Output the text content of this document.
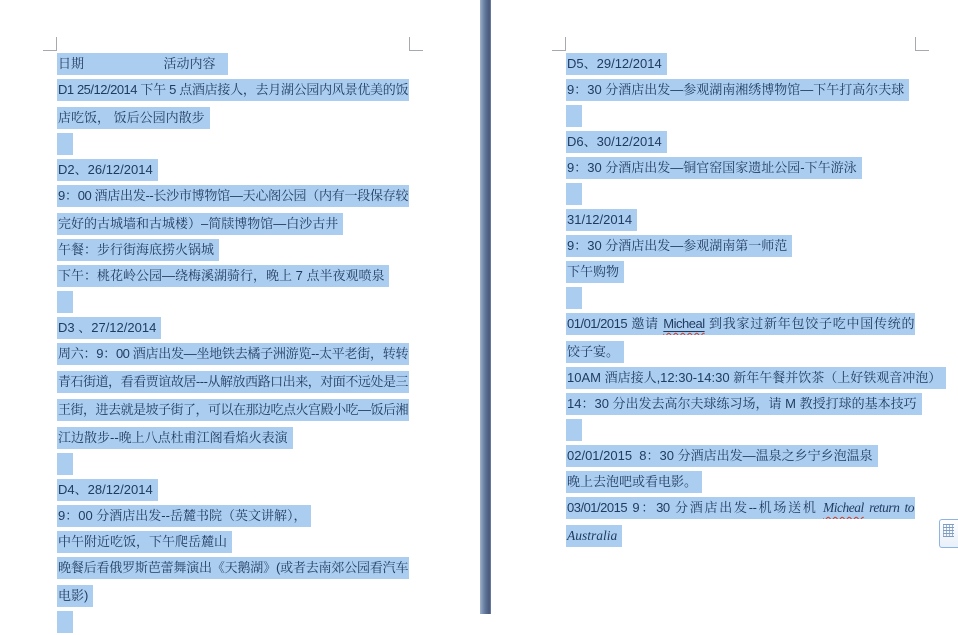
日期                      活动内容
D1 25/12/2014 下午 5 点酒店接人，去月湖公园内风景优美的饭
店吃饭， 饭后公园内散步
D2、26/12/2014
9：00 酒店出发--长沙市博物馆—天心阁公园（内有一段保存较
完好的古城墙和古城楼）–简牍博物馆—白沙古井
午餐：步行街海底捞火锅城
下午：桃花岭公园—绕梅溪湖骑行，晚上 7 点半夜观喷泉
D3 、27/12/2014
周六：9：00 酒店出发—坐地铁去橘子洲游览--太平老街，转转
青石街道，看看贾谊故居---从解放西路口出来，对面不远处是三
王街，进去就是坡子街了，可以在那边吃点火宫殿小吃—饭后湘
江边散步--晚上八点杜甫江阁看焰火表演
D4、28/12/2014
9：00 分酒店出发--岳麓书院（英文讲解），
中午附近吃饭，下午爬岳麓山
晚餐后看俄罗斯芭蕾舞演出《天鹅湖》(或者去南郊公园看汽车
电影)
D5、29/12/2014
9：30 分酒店出发—参观湖南湘绣博物馆—下午打高尔夫球
D6、30/12/2014
9：30 分酒店出发—铜官窑国家遗址公园-下午游泳
31/12/2014
9：30 分酒店出发—参观湖南第一师范
下午购物
01/01/2015 邀请 Micheal 到我家过新年包饺子吃中国传统的
饺子宴。
10AM 酒店接人,12:30-14:30 新年午餐并饮茶（上好铁观音冲泡）
14：30 分出发去高尔夫球练习场，请 M 教授打球的基本技巧
02/01/2015  8：30 分酒店出发—温泉之乡宁乡泡温泉
晚上去泡吧或看电影。
03/01/2015 9：30 分酒店出发--机场送机 Micheal return to
Australia
